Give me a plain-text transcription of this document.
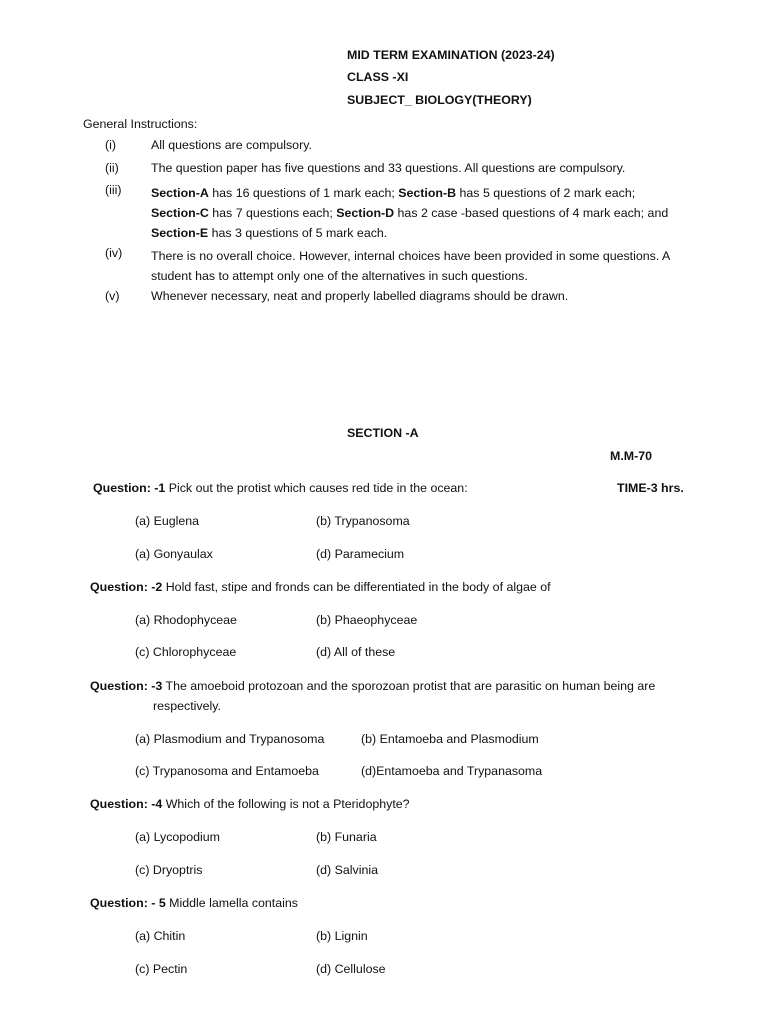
MID TERM EXAMINATION (2023-24)
CLASS -XI
SUBJECT_ BIOLOGY(THEORY)
General Instructions:
(i)	All questions are compulsory.
(ii)	The question paper has five questions and 33 questions. All questions are compulsory.
(iii) Section-A has 16 questions of 1 mark each; Section-B has 5 questions of 2 mark each; Section-C has 7 questions each; Section-D has 2 case -based questions of 4 mark each; and Section-E has 3 questions of 5 mark each.
(iv) There is no overall choice. However, internal choices have been provided in some questions. A student has to attempt only one of the alternatives in such questions.
(v)	Whenever necessary, neat and properly labelled diagrams should be drawn.
SECTION -A
M.M-70
TIME-3 hrs.
Question: -1 Pick out the protist which causes red tide in the ocean:
(a) Euglena	(b) Trypanosoma
(a) Gonyaulax	(d) Paramecium
Question: -2 Hold fast, stipe and fronds can be differentiated in the body of algae of
(a) Rhodophyceae	(b) Phaeophyceae
(c) Chlorophyceae	(d) All of these
Question: -3 The amoeboid protozoan and the sporozoan protist that are parasitic on human being are
respectively.
(a) Plasmodium and Trypanosoma	(b) Entamoeba and Plasmodium
(c) Trypanosoma and Entamoeba	(d)Entamoeba and Trypanasoma
Question: -4 Which of the following is not a Pteridophyte?
(a) Lycopodium	(b) Funaria
(c) Dryoptris	(d) Salvinia
Question: - 5 Middle lamella contains
(a) Chitin	(b) Lignin
(c) Pectin	(d) Cellulose
